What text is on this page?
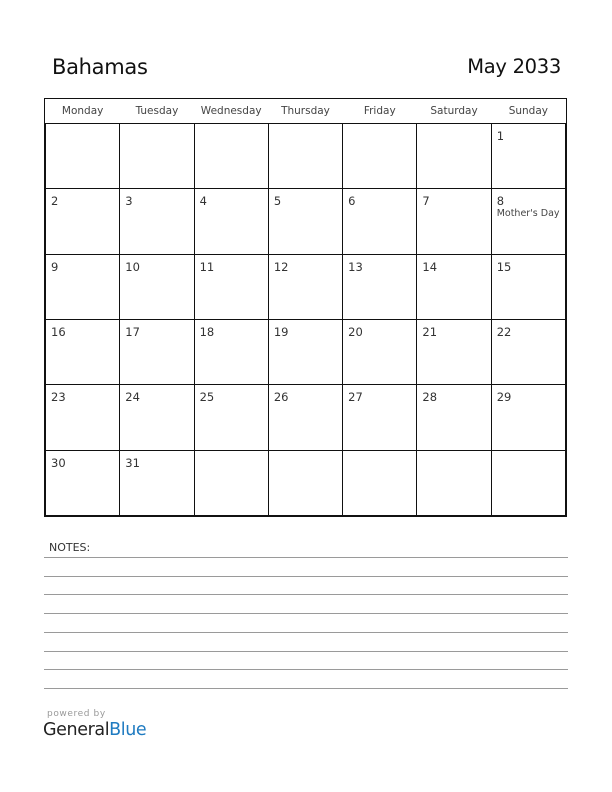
Bahamas	May 2033
Monday	Tuesday	Wednesday	Thursday	Friday	Saturday	Sunday

						1

2	3	4	5	6	7	8
Mother's Day

9	10	11	12	13	14	15

16	17	18	19	20	21	22

23	24	25	26	27	28	29

30	31					

NOTES:
powered by
GeneralBlue
